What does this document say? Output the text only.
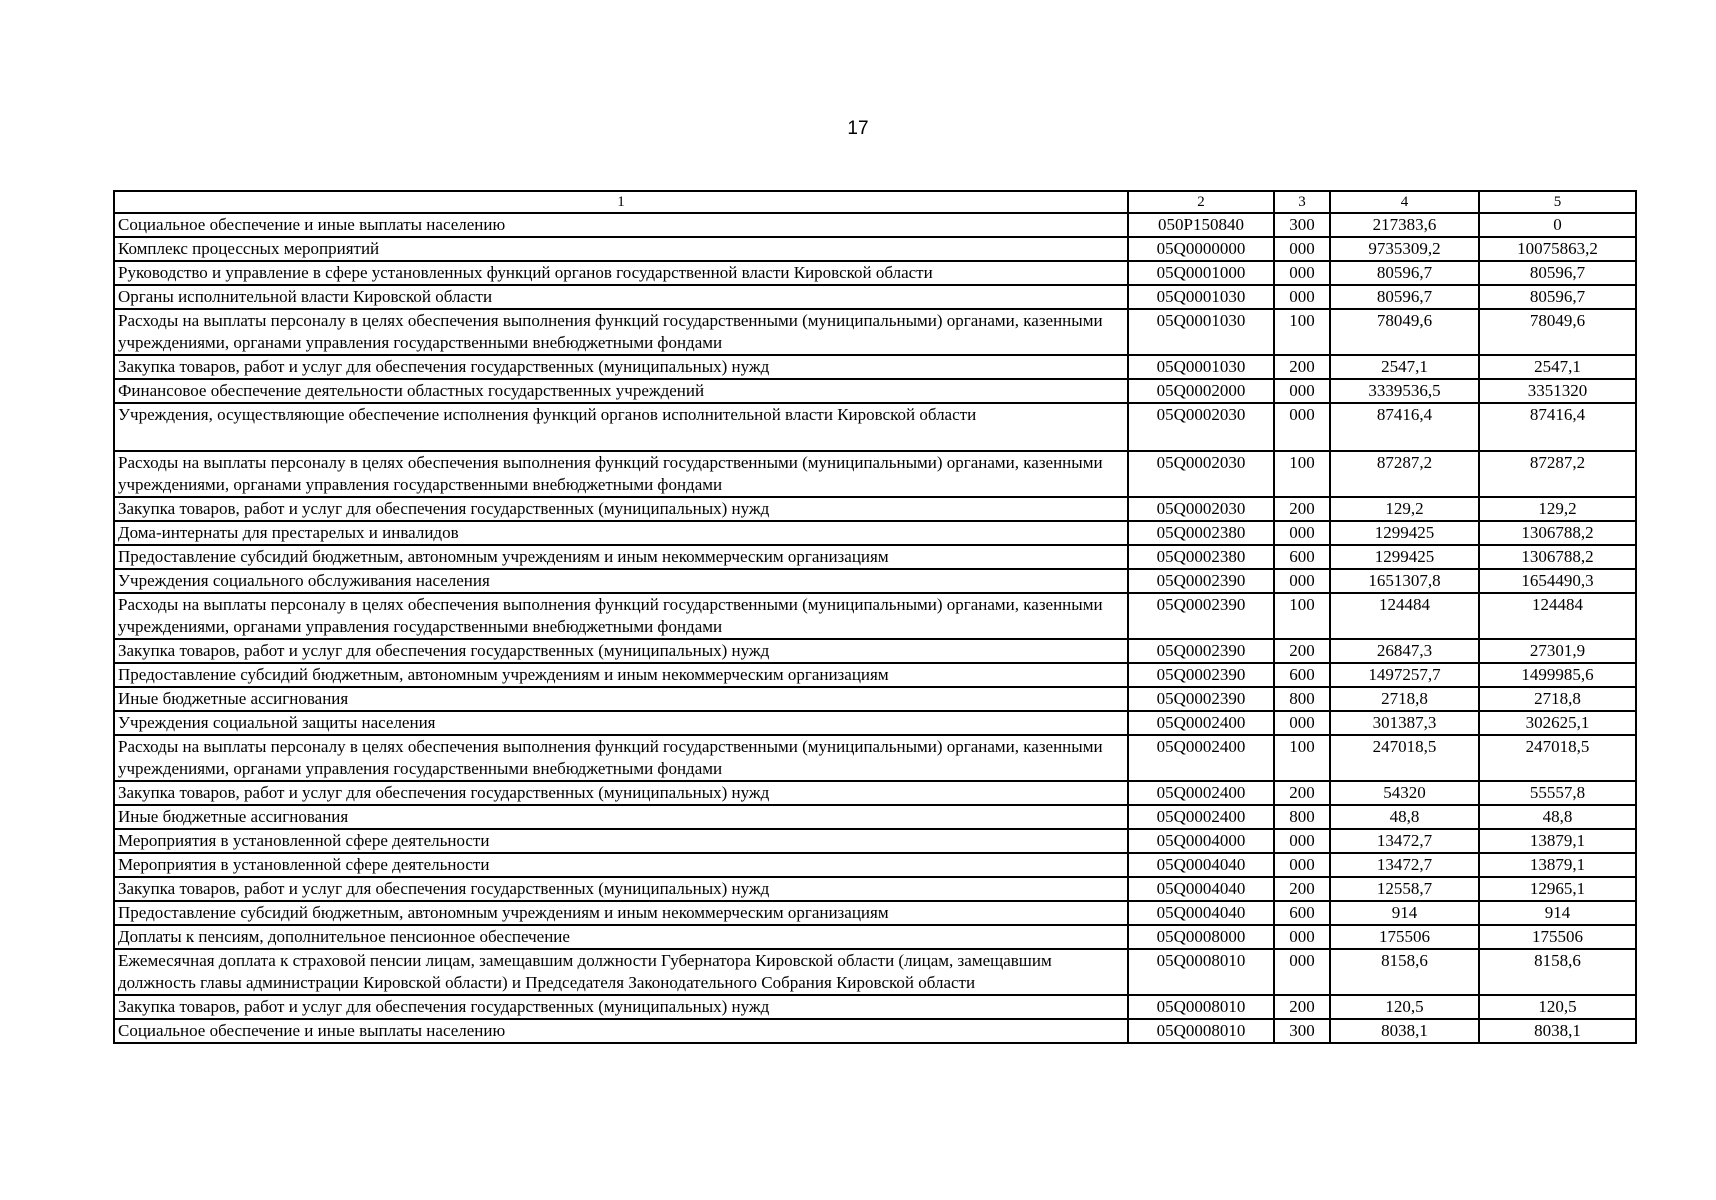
17
1	2	3	4	5
Социальное обеспечение и иные выплаты населению	050P150840	300	217383,6	0
Комплекс процессных мероприятий	05Q0000000	000	9735309,2	10075863,2
Руководство и управление в сфере установленных функций органов государственной власти Кировской области	05Q0001000	000	80596,7	80596,7
Органы исполнительной власти Кировской области	05Q0001030	000	80596,7	80596,7
Расходы на выплаты персоналу в целях обеспечения выполнения функций государственными (муниципальными) органами, казенными учреждениями, органами управления государственными внебюджетными фондами	05Q0001030	100	78049,6	78049,6
Закупка товаров, работ и услуг для обеспечения государственных (муниципальных) нужд	05Q0001030	200	2547,1	2547,1
Финансовое обеспечение деятельности областных государственных учреждений	05Q0002000	000	3339536,5	3351320
Учреждения, осуществляющие обеспечение исполнения функций органов исполнительной власти Кировской области	05Q0002030	000	87416,4	87416,4
Расходы на выплаты персоналу в целях обеспечения выполнения функций государственными (муниципальными) органами, казенными учреждениями, органами управления государственными внебюджетными фондами	05Q0002030	100	87287,2	87287,2
Закупка товаров, работ и услуг для обеспечения государственных (муниципальных) нужд	05Q0002030	200	129,2	129,2
Дома-интернаты для престарелых и инвалидов	05Q0002380	000	1299425	1306788,2
Предоставление субсидий бюджетным, автономным учреждениям и иным некоммерческим организациям	05Q0002380	600	1299425	1306788,2
Учреждения социального обслуживания населения	05Q0002390	000	1651307,8	1654490,3
Расходы на выплаты персоналу в целях обеспечения выполнения функций государственными (муниципальными) органами, казенными учреждениями, органами управления государственными внебюджетными фондами	05Q0002390	100	124484	124484
Закупка товаров, работ и услуг для обеспечения государственных (муниципальных) нужд	05Q0002390	200	26847,3	27301,9
Предоставление субсидий бюджетным, автономным учреждениям и иным некоммерческим организациям	05Q0002390	600	1497257,7	1499985,6
Иные бюджетные ассигнования	05Q0002390	800	2718,8	2718,8
Учреждения социальной защиты населения	05Q0002400	000	301387,3	302625,1
Расходы на выплаты персоналу в целях обеспечения выполнения функций государственными (муниципальными) органами, казенными учреждениями, органами управления государственными внебюджетными фондами	05Q0002400	100	247018,5	247018,5
Закупка товаров, работ и услуг для обеспечения государственных (муниципальных) нужд	05Q0002400	200	54320	55557,8
Иные бюджетные ассигнования	05Q0002400	800	48,8	48,8
Мероприятия в установленной сфере деятельности	05Q0004000	000	13472,7	13879,1
Мероприятия в установленной сфере деятельности	05Q0004040	000	13472,7	13879,1
Закупка товаров, работ и услуг для обеспечения государственных (муниципальных) нужд	05Q0004040	200	12558,7	12965,1
Предоставление субсидий бюджетным, автономным учреждениям и иным некоммерческим организациям	05Q0004040	600	914	914
Доплаты к пенсиям, дополнительное пенсионное обеспечение	05Q0008000	000	175506	175506
Ежемесячная доплата к страховой пенсии лицам, замещавшим должности Губернатора Кировской области (лицам, замещавшим должность главы администрации Кировской области) и Председателя Законодательного Собрания Кировской области	05Q0008010	000	8158,6	8158,6
Закупка товаров, работ и услуг для обеспечения государственных (муниципальных) нужд	05Q0008010	200	120,5	120,5
Социальное обеспечение и иные выплаты населению	05Q0008010	300	8038,1	8038,1
